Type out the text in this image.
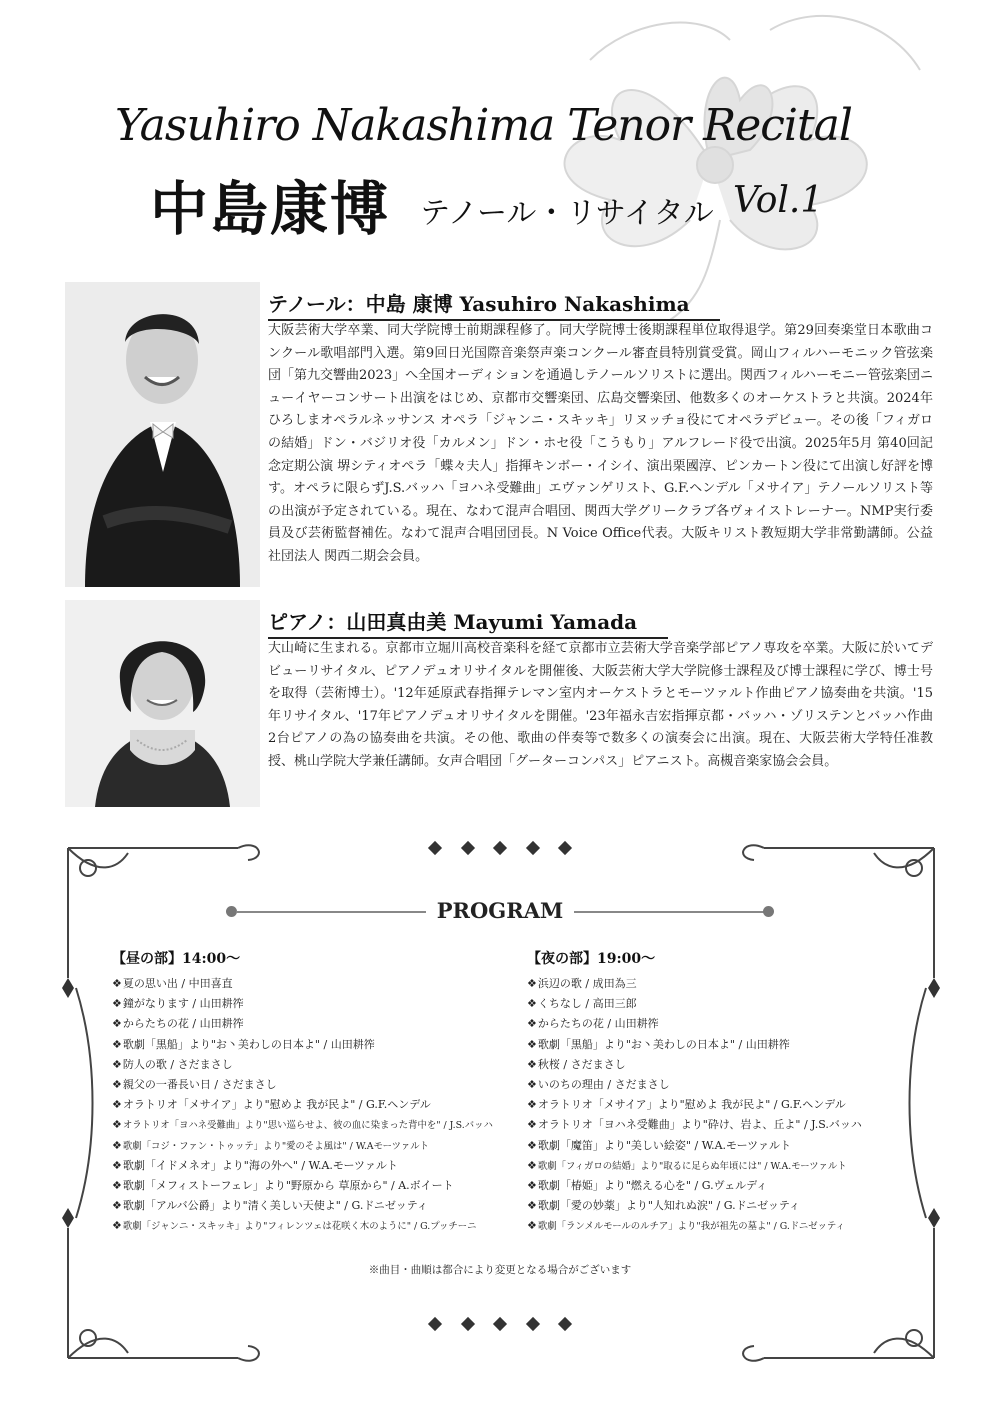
Yasuhiro Nakashima Tenor Recital
中島康博 テノール・リサイタル Vol.1
テノール：中島 康博 Yasuhiro Nakashima
大阪芸術大学卒業、同大学院博士前期課程修了。同大学院博士後期課程単位取得退学。第29回奏楽堂日本歌曲コンクール歌唱部門入選。第9回日光国際音楽祭声楽コンクール審査員特別賞受賞。岡山フィルハーモニック管弦楽団「第九交響曲2023」へ全国オーディションを通過しテノールソリストに選出。関西フィルハーモニー管弦楽団ニューイヤーコンサート出演をはじめ、京都市交響楽団、広島交響楽団、他数多くのオーケストラと共演。2024年ひろしまオペラルネッサンス オペラ「ジャンニ・スキッキ」リヌッチョ役にてオペラデビュー。その後「フィガロの結婚」ドン・バジリオ役「カルメン」ドン・ホセ役「こうもり」アルフレード役で出演。2025年5月 第40回記念定期公演 堺シティオペラ「蝶々夫人」指揮キンボー・イシイ、演出栗國淳、ピンカートン役にて出演し好評を博す。オペラに限らずJ.S.バッハ「ヨハネ受難曲」エヴァンゲリスト、G.F.ヘンデル「メサイア」テノールソリスト等の出演が予定されている。現在、なわて混声合唱団、関西大学グリークラブ各ヴォイストレーナー。NMP実行委員及び芸術監督補佐。なわて混声合唱団団長。N Voice Office代表。大阪キリスト教短期大学非常勤講師。公益社団法人 関西二期会会員。
ピアノ：山田真由美 Mayumi Yamada
大山崎に生まれる。京都市立堀川高校音楽科を経て京都市立芸術大学音楽学部ピアノ専攻を卒業。大阪に於いてデビューリサイタル、ピアノデュオリサイタルを開催後、大阪芸術大学大学院修士課程及び博士課程に学び、博士号を取得（芸術博士）。'12年延原武春指揮テレマン室内オーケストラとモーツァルト作曲ピアノ協奏曲を共演。'15年リサイタル、'17年ピアノデュオリサイタルを開催。'23年福永吉宏指揮京都・バッハ・ゾリステンとバッハ作曲2台ピアノの為の協奏曲を共演。その他、歌曲の伴奏等で数多くの演奏会に出演。現在、大阪芸術大学特任准教授、桃山学院大学兼任講師。女声合唱団「グーターコンパス」ピアニスト。高槻音楽家協会会員。
PROGRAM
【昼の部】14:00〜
❖夏の思い出 / 中田喜直
❖鐘がなります / 山田耕筰
❖からたちの花 / 山田耕筰
❖歌劇「黒船」より"お丶美わしの日本よ" / 山田耕筰
❖防人の歌 / さだまさし
❖親父の一番長い日 / さだまさし
❖オラトリオ「メサイア」より"慰めよ 我が民よ" / G.F.ヘンデル
❖オラトリオ「ヨハネ受難曲」より"思い巡らせよ、彼の血に染まった背中を" / J.S.バッハ
❖歌劇「コジ・ファン・トゥッテ」より"愛のそよ風は" / W.Aモーツァルト
❖歌劇「イドメネオ」より"海の外へ" / W.A.モーツァルト
❖歌劇「メフィストーフェレ」より"野原から 草原から" / A.ボイート
❖歌劇「アルバ公爵」より"清く美しい天使よ" / G.ドニゼッティ
❖歌劇「ジャンニ・スキッキ」より"フィレンツェは花咲く木のように" / G.プッチーニ
【夜の部】19:00〜
❖浜辺の歌 / 成田為三
❖くちなし / 高田三郎
❖からたちの花 / 山田耕筰
❖歌劇「黒船」より"お丶美わしの日本よ" / 山田耕筰
❖秋桜 / さだまさし
❖いのちの理由 / さだまさし
❖オラトリオ「メサイア」より"慰めよ 我が民よ" / G.F.ヘンデル
❖オラトリオ「ヨハネ受難曲」より"砕け、岩よ、丘よ" / J.S.バッハ
❖歌劇「魔笛」より"美しい絵姿" / W.A.モーツァルト
❖歌劇「フィガロの結婚」より"取るに足らぬ年頃には" / W.A.モーツァルト
❖歌劇「椿姫」より"燃える心を" / G.ヴェルディ
❖歌劇「愛の妙薬」より"人知れぬ涙" / G.ドニゼッティ
❖歌劇「ランメルモールのルチア」より"我が祖先の墓よ" / G.ドニゼッティ
※曲目・曲順は都合により変更となる場合がございます
